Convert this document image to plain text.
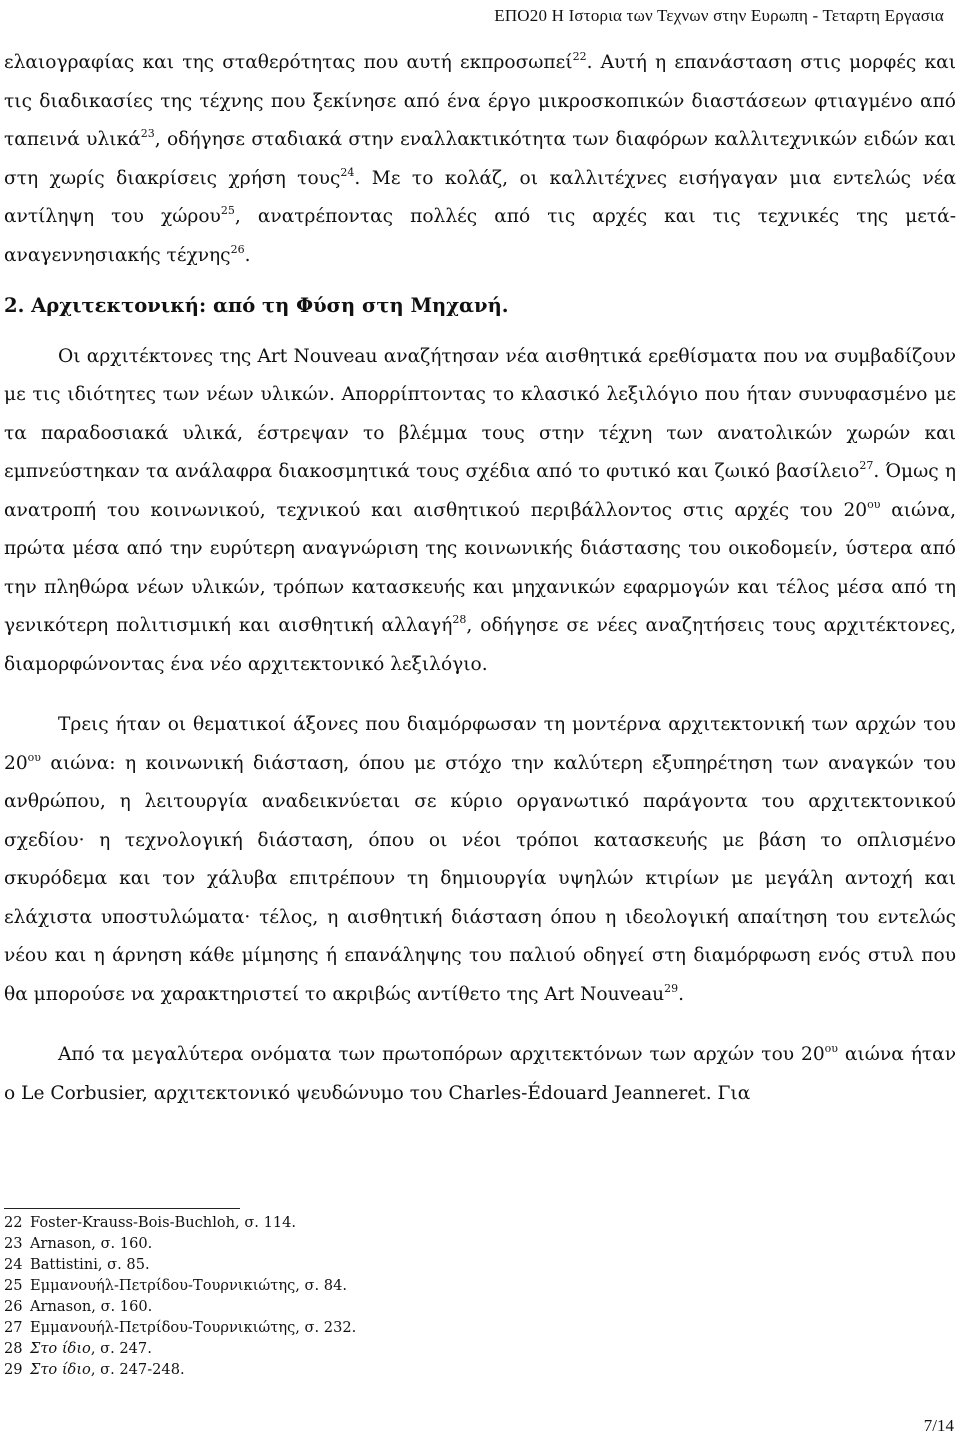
ΕΠΟ20 Η Ιστορια των Τεχνων στην Ευρωπη - Τεταρτη Εργασια

ελαιογραφίας και της σταθερότητας που αυτή εκπροσωπεί$^{22}$. Αυτή η επανάσταση στις μορφές και τις διαδικασίες της τέχνης που ξεκίνησε από ένα έργο μικροσκοπικών διαστάσεων φτιαγμένο από ταπεινά υλικά$^{23}$, οδήγησε σταδιακά στην εναλλακτικότητα των διαφόρων καλλιτεχνικών ειδών και στη χωρίς διακρίσεις χρήση τους$^{24}$. Με το κολάζ, οι καλλιτέχνες εισήγαγαν μια εντελώς νέα αντίληψη του χώρου$^{25}$, ανατρέποντας πολλές από τις αρχές και τις τεχνικές της μετά-αναγεννησιακής τέχνης$^{26}$.

2. Αρχιτεκτονική: από τη Φύση στη Μηχανή.

Οι αρχιτέκτονες της Art Nouveau αναζήτησαν νέα αισθητικά ερεθίσματα που να συμβαδίζουν με τις ιδιότητες των νέων υλικών. Απορρίπτοντας το κλασικό λεξιλόγιο που ήταν συνυφασμένο με τα παραδοσιακά υλικά, έστρεψαν το βλέμμα τους στην τέχνη των ανατολικών χωρών και εμπνεύστηκαν τα ανάλαφρα διακοσμητικά τους σχέδια από το φυτικό και ζωικό βασίλειο$^{27}$. Όμως η ανατροπή του κοινωνικού, τεχνικού και αισθητικού περιβάλλοντος στις αρχές του $20^{o\upsilon}$ αιώνα, πρώτα μέσα από την ευρύτερη αναγνώριση της κοινωνικής διάστασης του οικοδομείν, ύστερα από την πληθώρα νέων υλικών, τρόπων κατασκευής και μηχανικών εφαρμογών και τέλος μέσα από τη γενικότερη πολιτισμική και αισθητική αλλαγή$^{28}$, οδήγησε σε νέες αναζητήσεις τους αρχιτέκτονες, διαμορφώνοντας ένα νέο αρχιτεκτονικό λεξιλόγιο.

Τρεις ήταν οι θεματικοί άξονες που διαμόρφωσαν τη μοντέρνα αρχιτεκτονική των αρχών του $20^{o\upsilon}$ αιώνα: η κοινωνική διάσταση, όπου με στόχο την καλύτερη εξυπηρέτηση των αναγκών του ανθρώπου, η λειτουργία αναδεικνύεται σε κύριο οργανωτικό παράγοντα του αρχιτεκτονικού σχεδίου· η τεχνολογική διάσταση, όπου οι νέοι τρόποι κατασκευής με βάση το οπλισμένο σκυρόδεμα και τον χάλυβα επιτρέπουν τη δημιουργία υψηλών κτιρίων με μεγάλη αντοχή και ελάχιστα υποστυλώματα· τέλος, η αισθητική διάσταση όπου η ιδεολογική απαίτηση του εντελώς νέου και η άρνηση κάθε μίμησης ή επανάληψης του παλιού οδηγεί στη διαμόρφωση ενός στυλ που θα μπορούσε να χαρακτηριστεί το ακριβώς αντίθετο της Art Nouveau$^{29}$.

Από τα μεγαλύτερα ονόματα των πρωτοπόρων αρχιτεκτόνων των αρχών του $20^{o\upsilon}$ αιώνα ήταν ο Le Corbusier, αρχιτεκτονικό ψευδώνυμο του Charles-Édouard Jeanneret. Για

22 Foster-Krauss-Bois-Buchloh, σ. 114.
23 Arnason, σ. 160.
24 Battistini, σ. 85.
25 Εμμανουήλ-Πετρίδου-Τουρνικιώτης, σ. 84.
26 Arnason, σ. 160.
27 Εμμανουήλ-Πετρίδου-Τουρνικιώτης, σ. 232.
28 Στο ίδιο, σ. 247.
29 Στο ίδιο, σ. 247-248.
7/14
